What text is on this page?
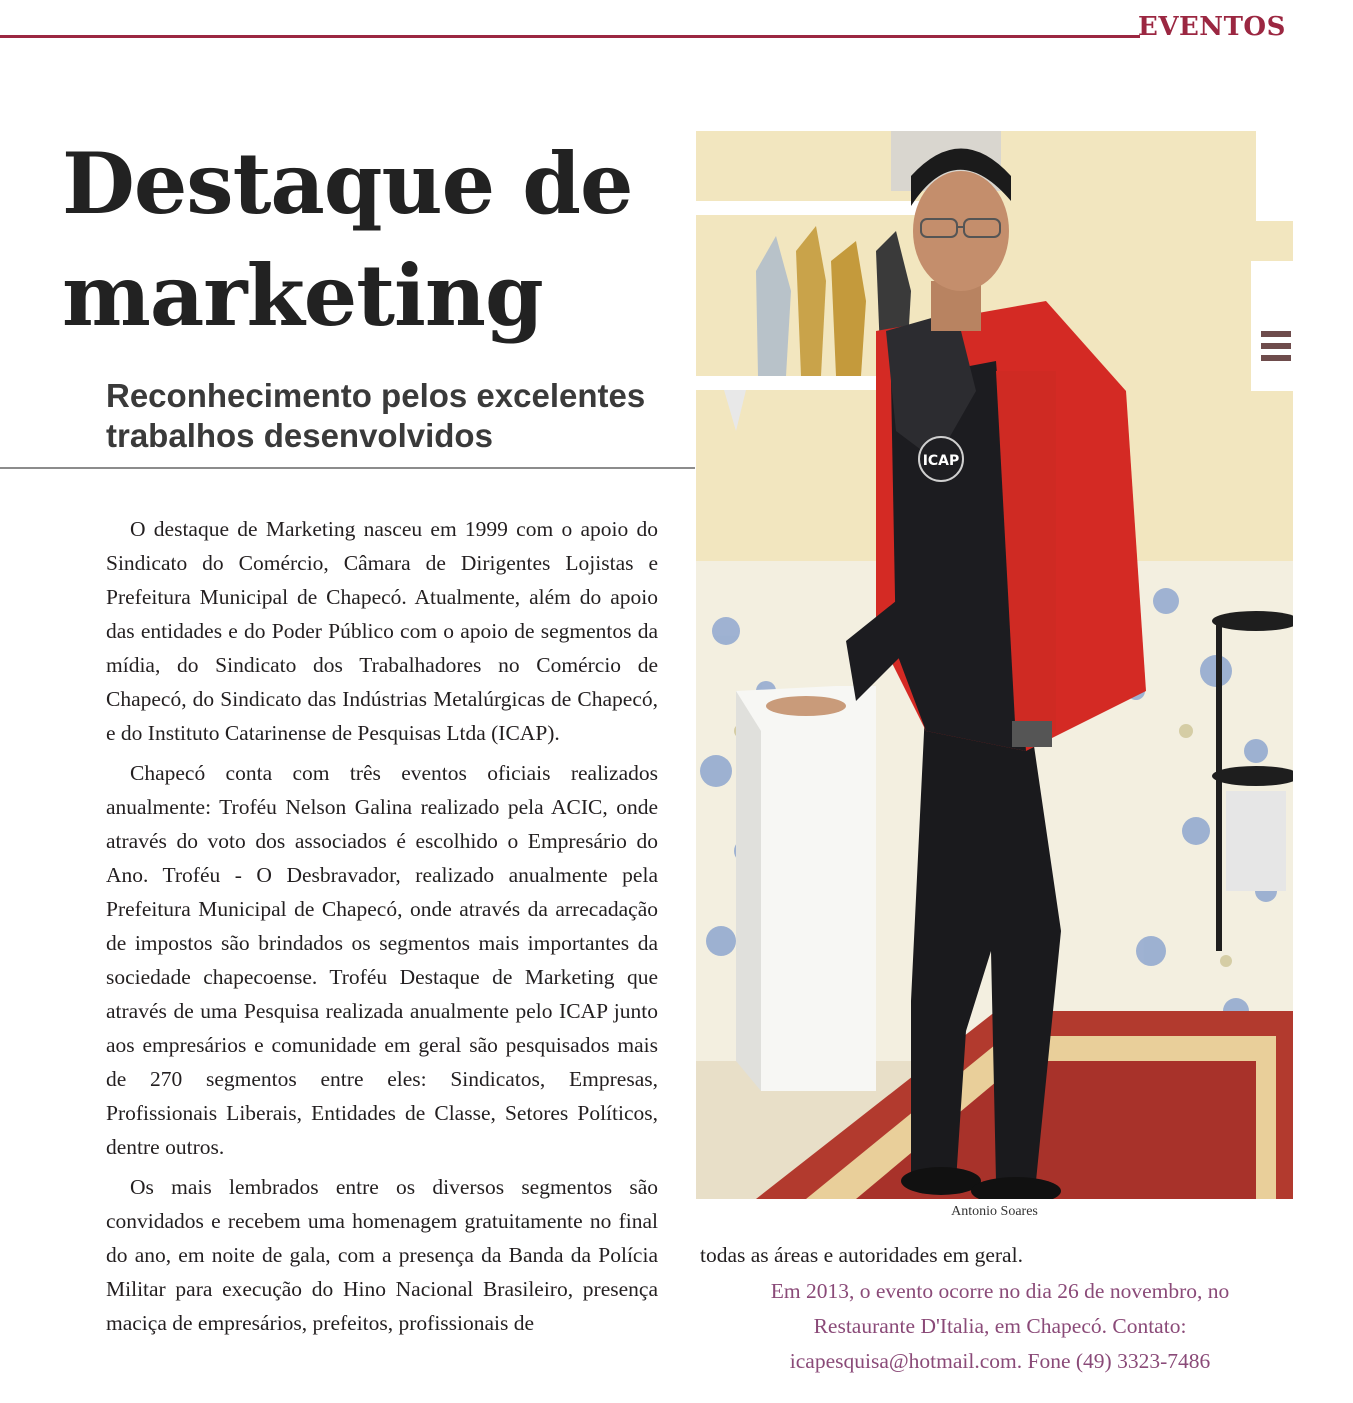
EVENTOS
Destaque de
marketing
Reconhecimento pelos excelentes
trabalhos desenvolvidos

O destaque de Marketing nasceu em 1999 com o apoio do Sindicato do Comércio, Câmara de Dirigentes Lojistas e Prefeitura Municipal de Chapecó. Atualmente, além do apoio das entidades e do Poder Público com o apoio de segmentos da mídia, do Sindicato dos Trabalhadores no Comércio de Chapecó, do Sindicato das Indústrias Metalúrgicas de Chapecó, e do Instituto Catarinense de Pesquisas Ltda (ICAP).

Chapecó conta com três eventos oficiais realizados anualmente: Troféu Nelson Galina realizado pela ACIC, onde através do voto dos associados é escolhido o Empresário do Ano. Troféu - O Desbravador, realizado anualmente pela Prefeitura Municipal de Chapecó, onde através da arrecadação de impostos são brindados os segmentos mais importantes da sociedade chapecoense. Troféu Destaque de Marketing que através de uma Pesquisa realizada anualmente pelo ICAP junto aos empresários e comunidade em geral são pesquisados mais de 270 segmentos entre eles: Sindicatos, Empresas, Profissionais Liberais, Entidades de Classe, Setores Políticos, dentre outros.

Os mais lembrados entre os diversos segmentos são convidados e recebem uma homenagem gratuitamente no final do ano, em noite de gala, com a presença da Banda da Polícia Militar para execução do Hino Nacional Brasileiro, presença maciça de empresários, prefeitos, profissionais de

ICAP
Antonio Soares

todas as áreas e autoridades em geral.

Em 2013, o evento ocorre no dia 26 de novembro, no
Restaurante D'Italia, em Chapecó. Contato:
icapesquisa@hotmail.com. Fone (49) 3323-7486
